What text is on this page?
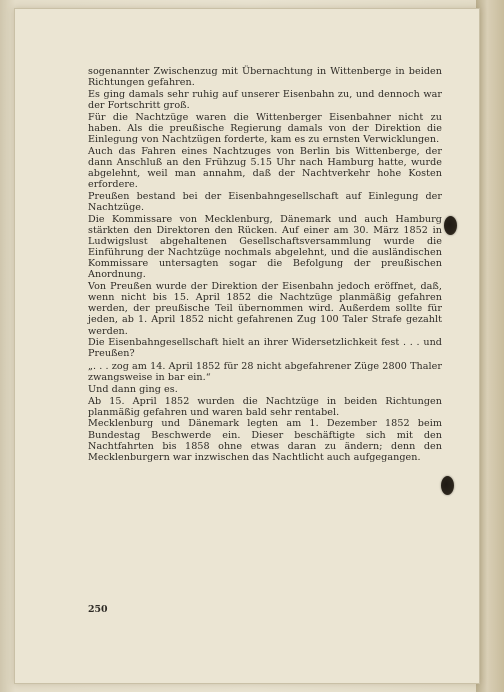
sogenannter Zwischenzug mit Übernachtung in Wittenberge in beiden Richtungen gefahren.

Es ging damals sehr ruhig auf unserer Eisenbahn zu, und dennoch war der Fortschritt groß.

Für die Nachtzüge waren die Wittenberger Eisenbahner nicht zu haben. Als die preußische Regierung damals von der Direktion die Einlegung von Nachtzügen forderte, kam es zu ernsten Verwicklungen.

Auch das Fahren eines Nachtzuges von Berlin bis Wittenberge, der dann Anschluß an den Frühzug 5.15 Uhr nach Hamburg hatte, wurde abgelehnt, weil man annahm, daß der Nachtverkehr hohe Kosten erfordere.

Preußen bestand bei der Eisenbahngesellschaft auf Einlegung der Nachtzüge.

Die Kommissare von Mecklenburg, Dänemark und auch Hamburg stärkten den Direktoren den Rücken. Auf einer am 30. März 1852 in Ludwigslust abgehaltenen Gesellschaftsversammlung wurde die Einführung der Nachtzüge nochmals abgelehnt, und die ausländischen Kommissare untersagten sogar die Befolgung der preußischen Anordnung.

Von Preußen wurde der Direktion der Eisenbahn jedoch eröffnet, daß, wenn nicht bis 15. April 1852 die Nachtzüge planmäßig gefahren werden, der preußische Teil übernommen wird. Außerdem sollte für jeden, ab 1. April 1852 nicht gefahrenen Zug 100 Taler Strafe gezahlt werden.

Die Eisenbahngesellschaft hielt an ihrer Widersetzlichkeit fest . . . und Preußen?

„. . . zog am 14. April 1852 für 28 nicht abgefahrener Züge 2800 Thaler zwangsweise in bar ein.“

Und dann ging es.

Ab 15. April 1852 wurden die Nachtzüge in beiden Richtungen planmäßig gefahren und waren bald sehr rentabel.

Mecklenburg und Dänemark legten am 1. Dezember 1852 beim Bundestag Beschwerde ein. Dieser beschäftigte sich mit den Nachtfahrten bis 1858 ohne etwas daran zu ändern; denn den Mecklenburgern war inzwischen das Nachtlicht auch aufgegangen.

250
